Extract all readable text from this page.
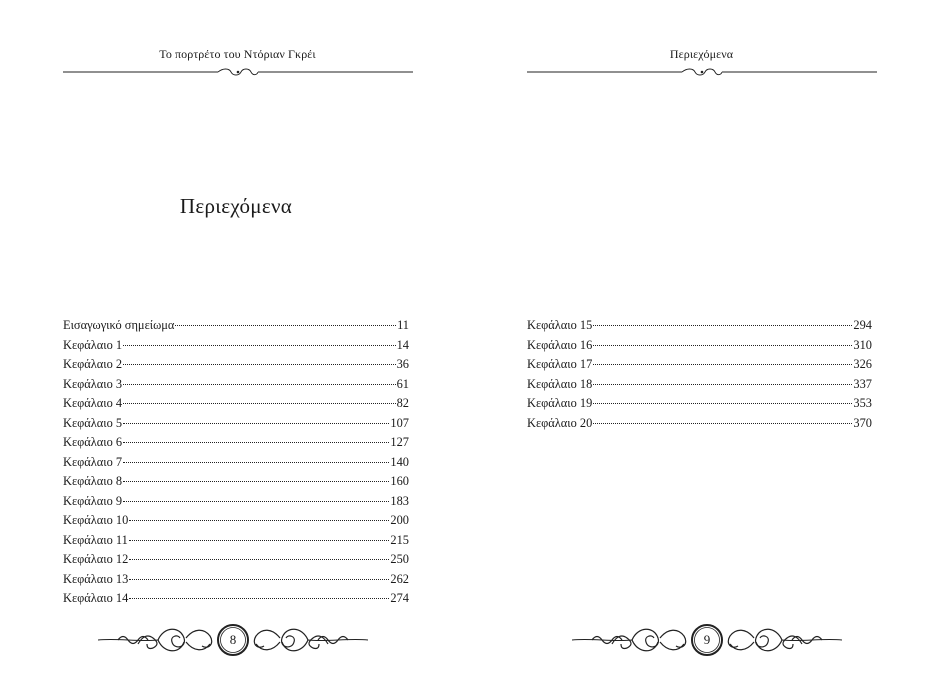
Το πορτρέτο του Ντόριαν Γκρέι
Περιεχόμενα
Εισαγωγικό σημείωμα	11
Κεφάλαιο 1	14
Κεφάλαιο 2	36
Κεφάλαιο 3	61
Κεφάλαιο 4	82
Κεφάλαιο 5	107
Κεφάλαιο 6	127
Κεφάλαιο 7	140
Κεφάλαιο 8	160
Κεφάλαιο 9	183
Κεφάλαιο 10	200
Κεφάλαιο 11	215
Κεφάλαιο 12	250
Κεφάλαιο 13	262
Κεφάλαιο 14	274
8
Περιεχόμενα
Κεφάλαιο 15	294
Κεφάλαιο 16	310
Κεφάλαιο 17	326
Κεφάλαιο 18	337
Κεφάλαιο 19	353
Κεφάλαιο 20	370
9
